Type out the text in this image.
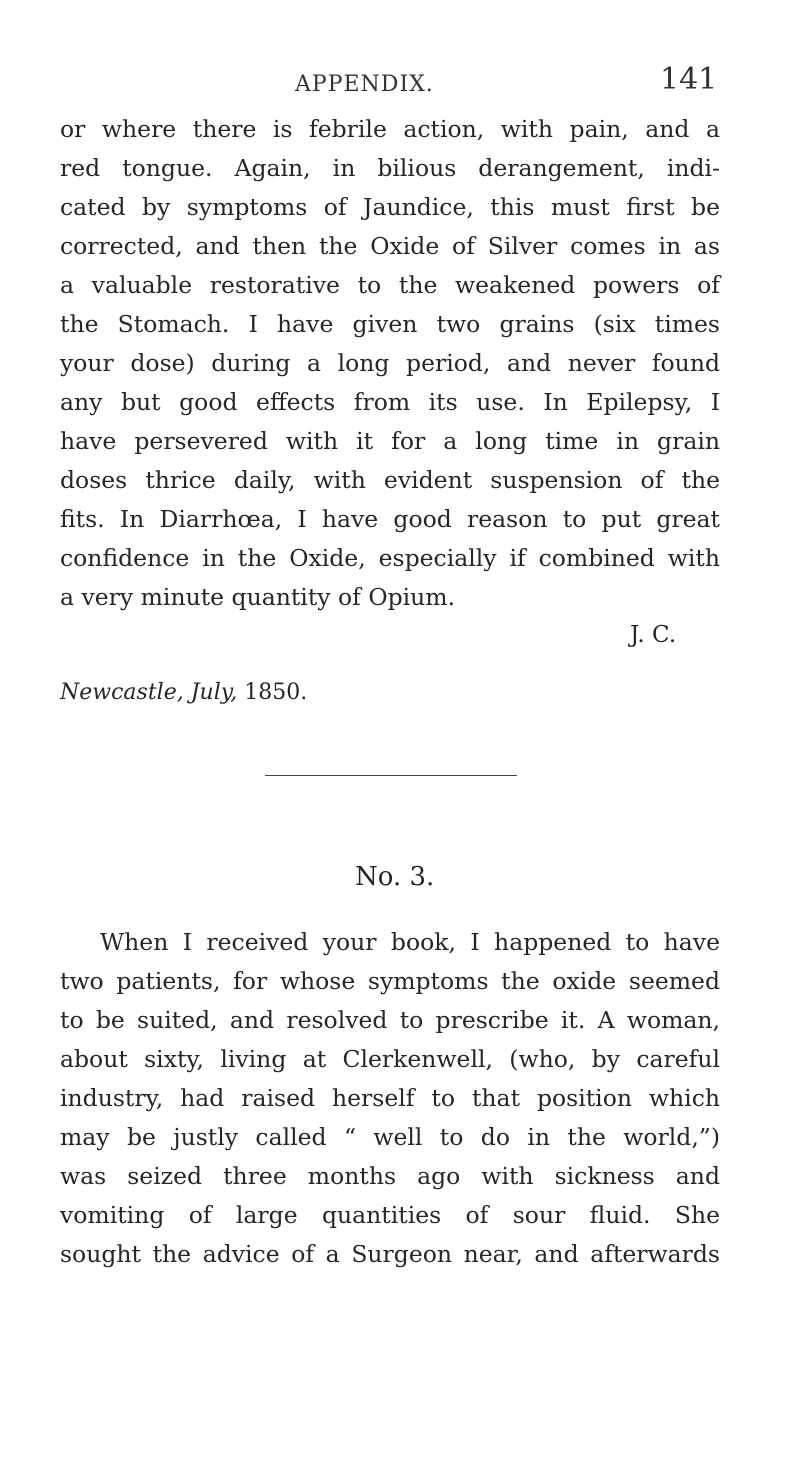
APPENDIX.	141
or where there is febrile action, with pain, and a
red tongue. Again, in bilious derangement, indi-
cated by symptoms of Jaundice, this must first be
corrected, and then the Oxide of Silver comes in as
a valuable restorative to the weakened powers of
the Stomach. I have given two grains (six times
your dose) during a long period, and never found
any but good effects from its use. In Epilepsy, I
have persevered with it for a long time in grain
doses thrice daily, with evident suspension of the
fits. In Diarrhœa, I have good reason to put great
confidence in the Oxide, especially if combined with
a very minute quantity of Opium.
J. C.
Newcastle, July, 1850.
No. 3.
When I received your book, I happened to have
two patients, for whose symptoms the oxide seemed
to be suited, and resolved to prescribe it. A woman,
about sixty, living at Clerkenwell, (who, by careful
industry, had raised herself to that position which
may be justly called “ well to do in the world,”)
was seized three months ago with sickness and
vomiting of large quantities of sour fluid. She
sought the advice of a Surgeon near, and afterwards
